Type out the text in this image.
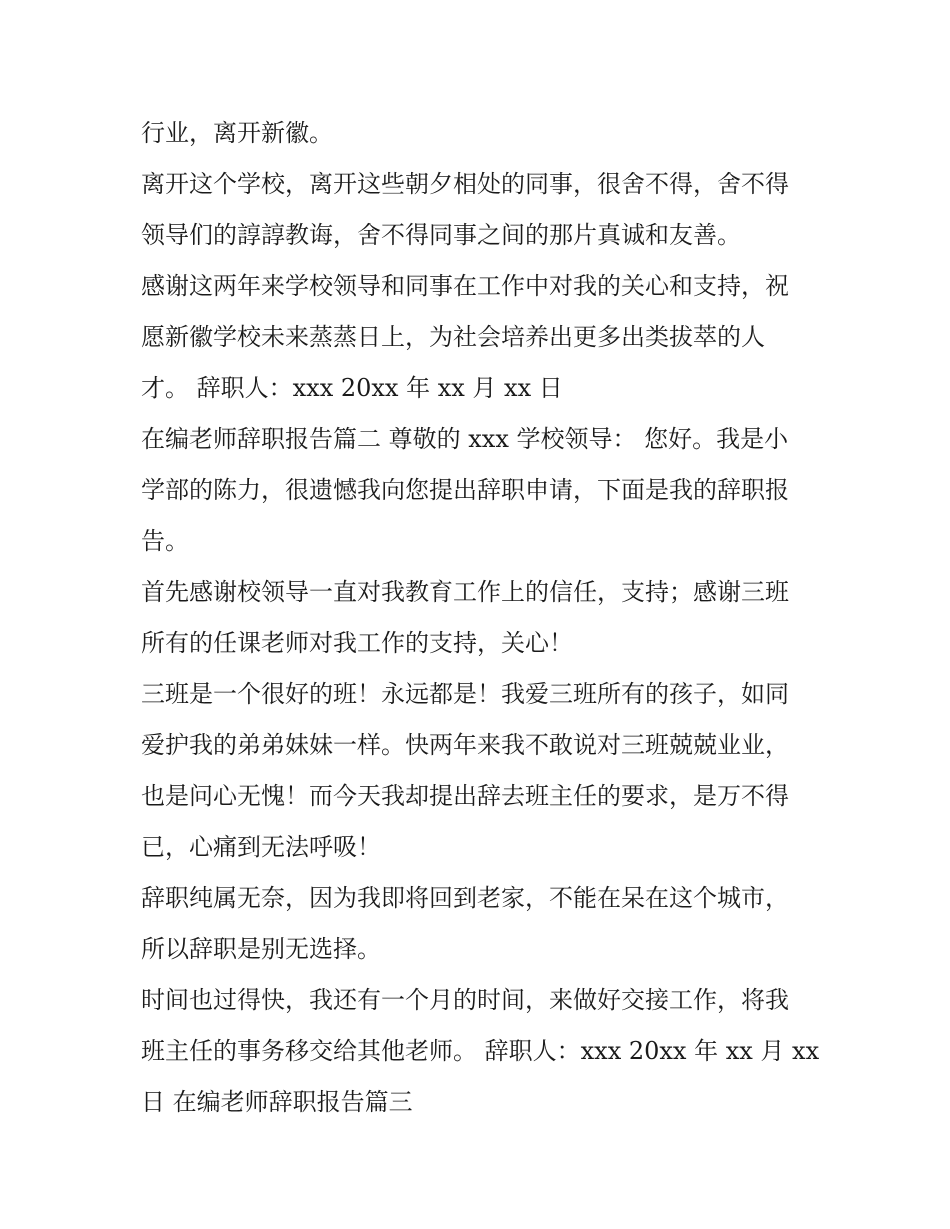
行业，离开新徽。
离开这个学校，离开这些朝夕相处的同事，很舍不得，舍不得
领导们的諄諄教诲，舍不得同事之间的那片真诚和友善。
感谢这两年来学校领导和同事在工作中对我的关心和支持，祝
愿新徽学校未来蒸蒸日上，为社会培养出更多出类拔萃的人
才。 辞职人：xxx 20xx 年 xx 月 xx 日
在编老师辞职报告篇二 尊敬的 xxx 学校领导： 您好。我是小
学部的陈力，很遗憾我向您提出辞职申请，下面是我的辞职报
告。
首先感谢校领导一直对我教育工作上的信任，支持；感谢三班
所有的任课老师对我工作的支持，关心！
三班是一个很好的班！永远都是！我爱三班所有的孩子，如同
爱护我的弟弟妹妹一样。快两年来我不敢说对三班兢兢业业，
也是问心无愧！而今天我却提出辞去班主任的要求，是万不得
已，心痛到无法呼吸！
辞职纯属无奈，因为我即将回到老家，不能在呆在这个城市，
所以辞职是别无选择。
时间也过得快，我还有一个月的时间，来做好交接工作，将我
班主任的事务移交给其他老师。 辞职人：xxx 20xx 年 xx 月 xx
日 在编老师辞职报告篇三
